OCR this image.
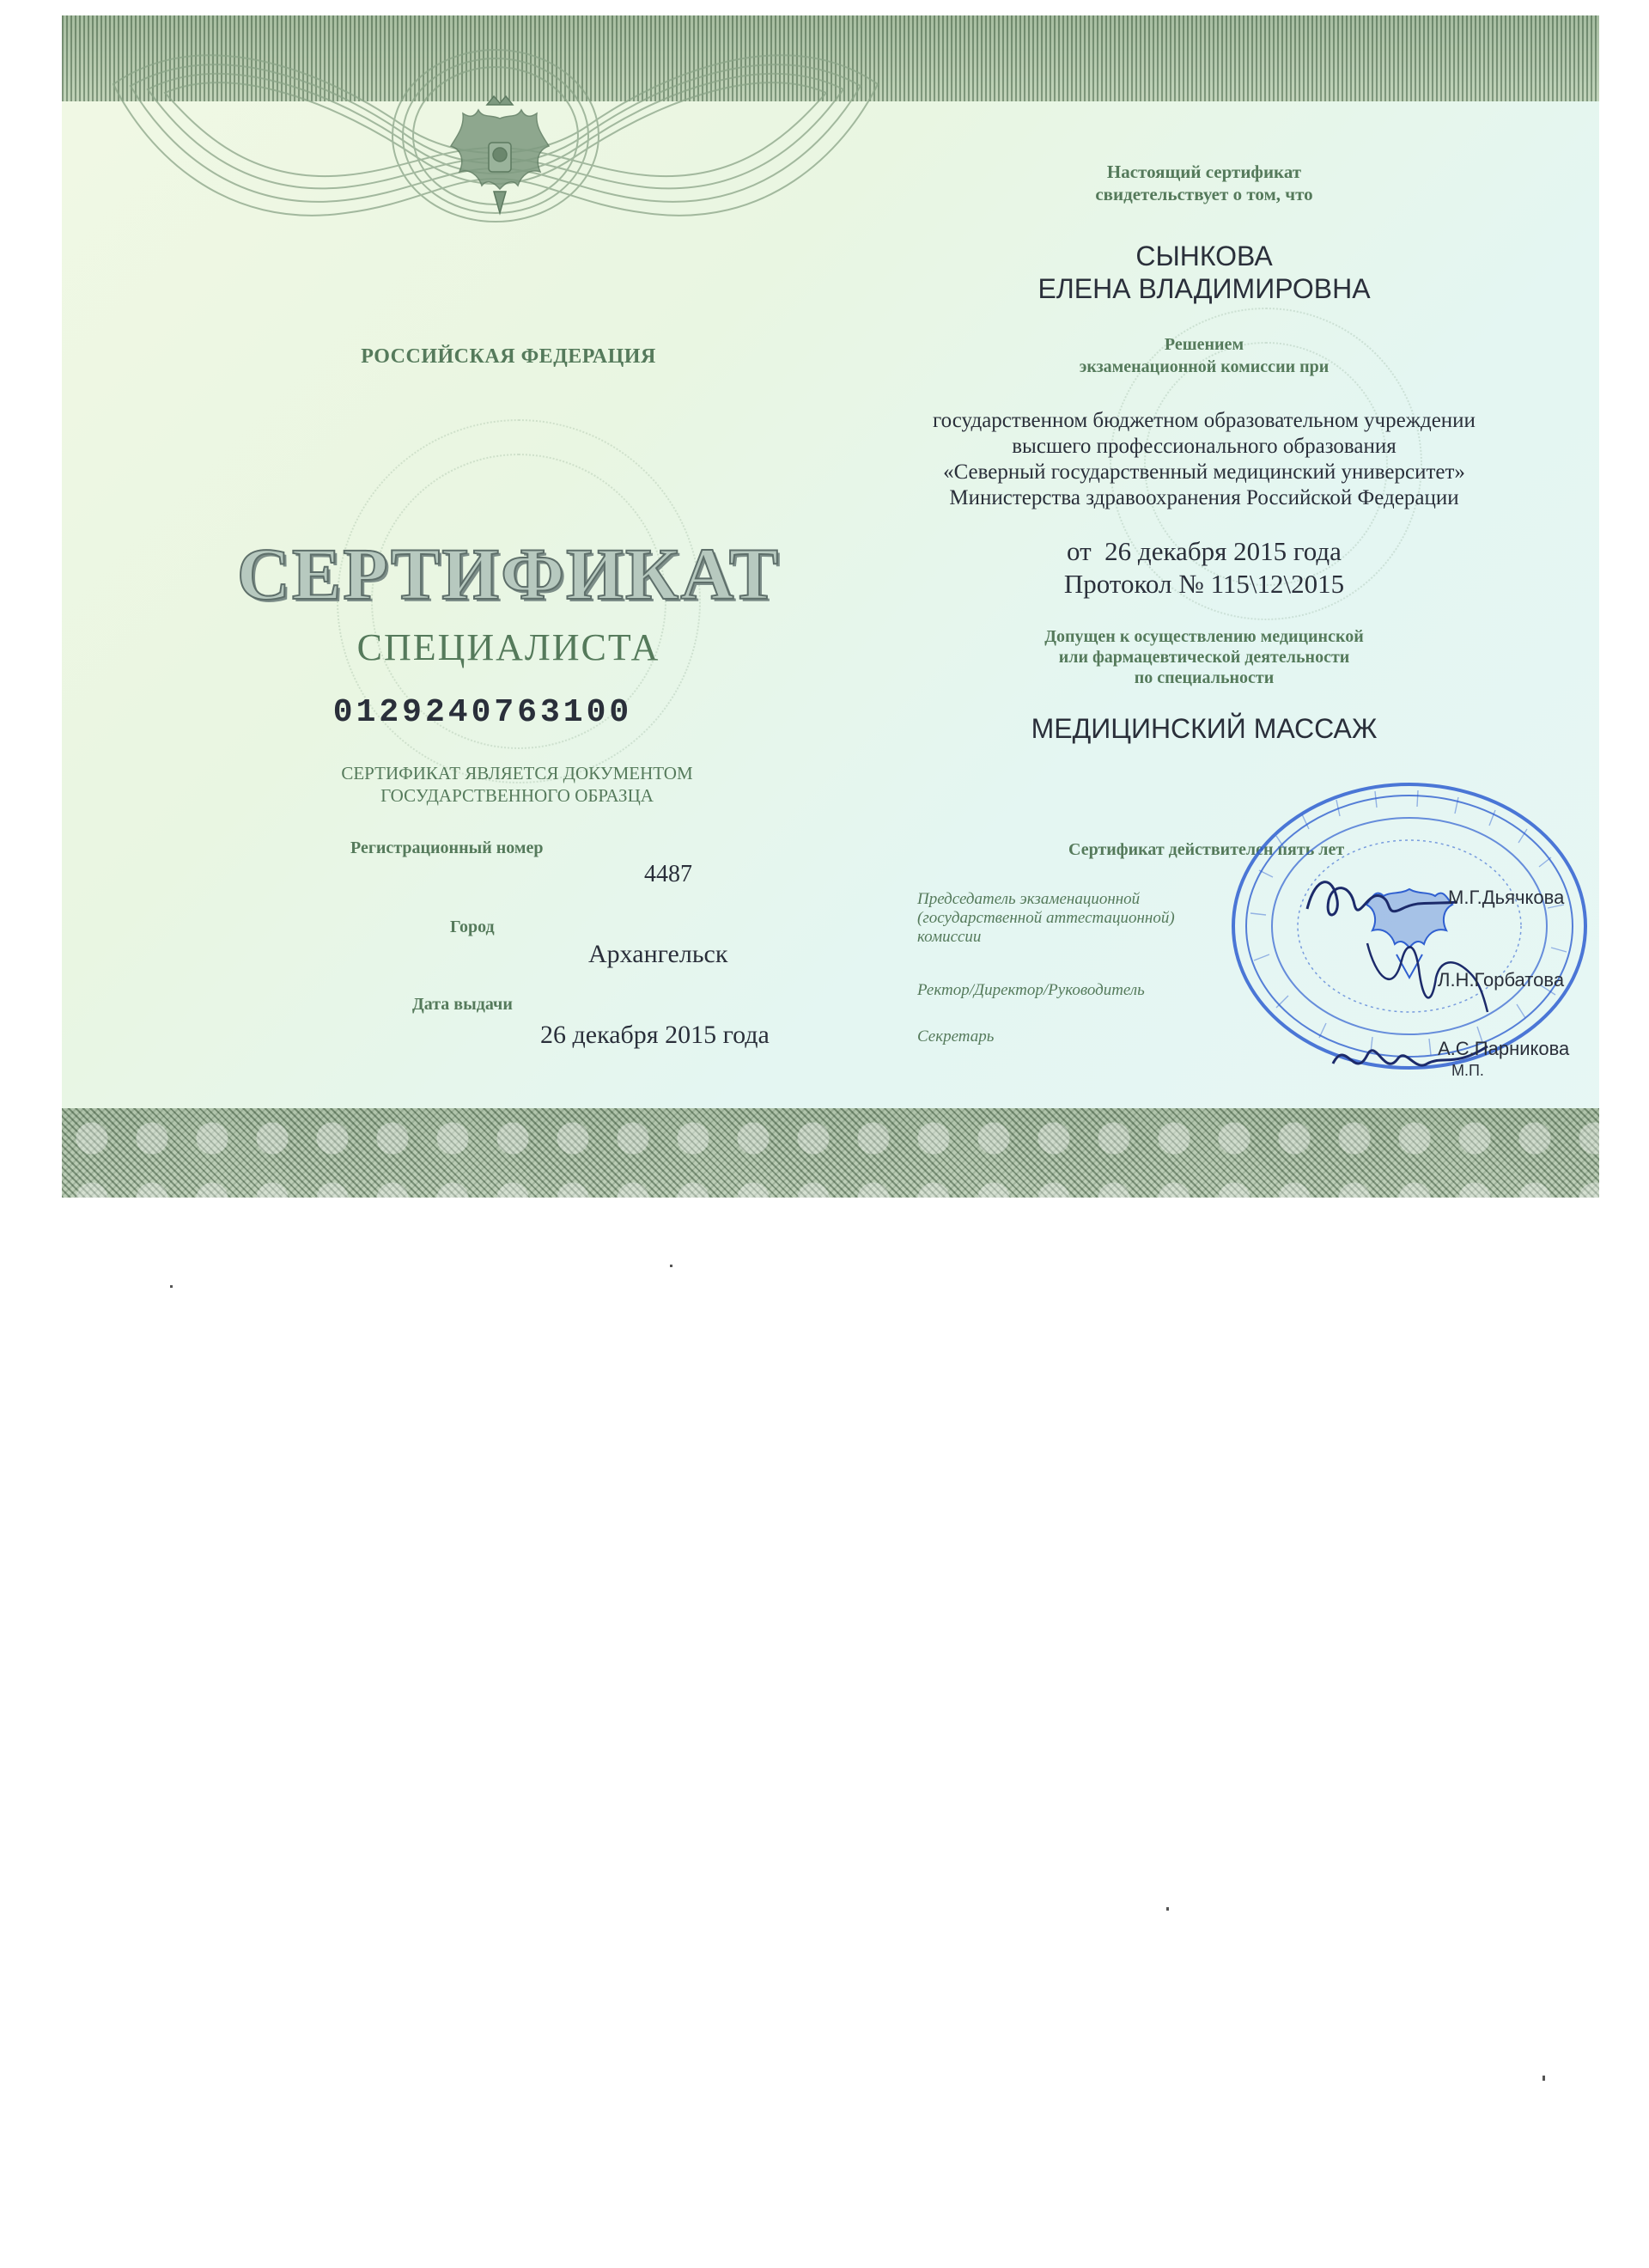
РОССИЙСКАЯ ФЕДЕРАЦИЯ
СЕРТИФИКАТ
СПЕЦИАЛИСТА
0129240763100
СЕРТИФИКАТ ЯВЛЯЕТСЯ ДОКУМЕНТОМ
ГОСУДАРСТВЕННОГО ОБРАЗЦА
Регистрационный номер
4487
Город
Архангельск
Дата выдачи
26 декабря 2015 года
Настоящий сертификат
свидетельствует о том, что
СЫНКОВА
ЕЛЕНА ВЛАДИМИРОВНА
Решением
экзаменационной комиссии при
государственном бюджетном образовательном учреждении
высшего профессионального образования
«Северный государственный медицинский университет»
Министерства здравоохранения Российской Федерации
от  26 декабря 2015 года
Протокол № 115\12\2015
Допущен к осуществлению медицинской
или фармацевтической деятельности
по специальности
МЕДИЦИНСКИЙ МАССАЖ
Сертификат действителен пять лет
Председатель экзаменационной
(государственной аттестационной)
комиссии
Ректор/Директор/Руководитель
Секретарь
М.Г.Дьячкова
Л.Н.Горбатова
А.С.Парникова
М.П.
